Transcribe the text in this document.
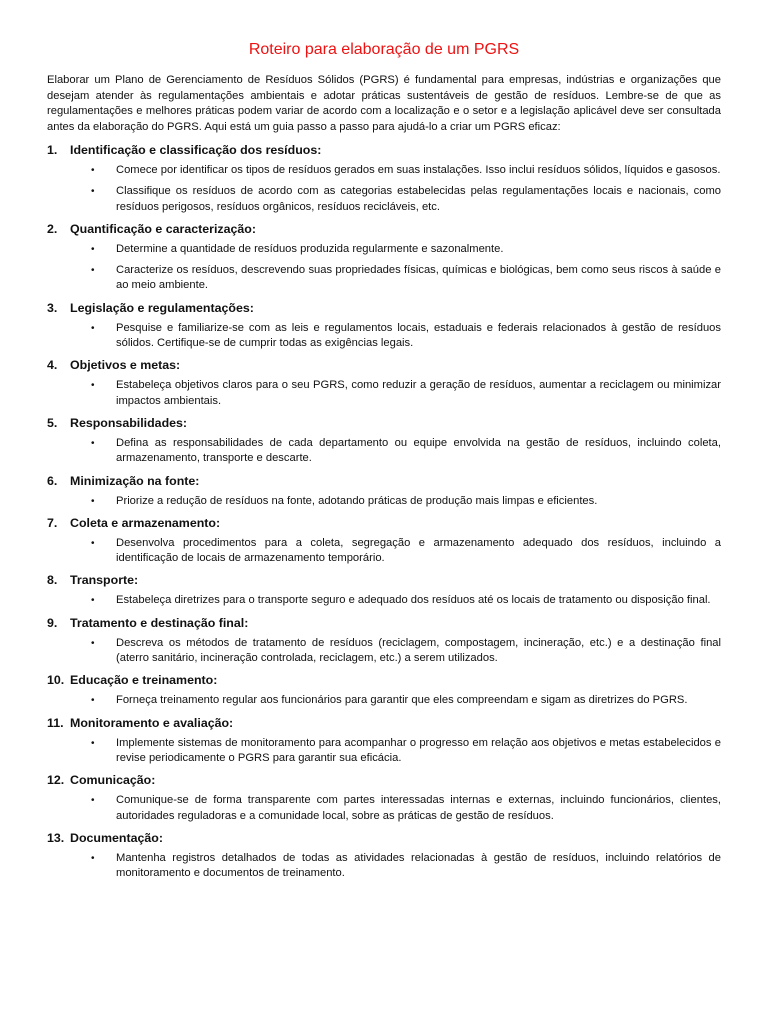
Roteiro para elaboração de um PGRS

Elaborar um Plano de Gerenciamento de Resíduos Sólidos (PGRS) é fundamental para empresas, indústrias e organizações que desejam atender às regulamentações ambientais e adotar práticas sustentáveis de gestão de resíduos. Lembre-se de que as regulamentações e melhores práticas podem variar de acordo com a localização e o setor e a legislação aplicável deve ser consultada antes da elaboração do PGRS. Aqui está um guia passo a passo para ajudá-lo a criar um PGRS eficaz:

1.	Identificação e classificação dos resíduos:
•	Comece por identificar os tipos de resíduos gerados em suas instalações. Isso inclui resíduos sólidos, líquidos e gasosos.
•	Classifique os resíduos de acordo com as categorias estabelecidas pelas regulamentações locais e nacionais, como resíduos perigosos, resíduos orgânicos, resíduos recicláveis, etc.
2.	Quantificação e caracterização:
•	Determine a quantidade de resíduos produzida regularmente e sazonalmente.
•	Caracterize os resíduos, descrevendo suas propriedades físicas, químicas e biológicas, bem como seus riscos à saúde e ao meio ambiente.
3.	Legislação e regulamentações:
•	Pesquise e familiarize-se com as leis e regulamentos locais, estaduais e federais relacionados à gestão de resíduos sólidos. Certifique-se de cumprir todas as exigências legais.
4.	Objetivos e metas:
•	Estabeleça objetivos claros para o seu PGRS, como reduzir a geração de resíduos, aumentar a reciclagem ou minimizar impactos ambientais.
5.	Responsabilidades:
•	Defina as responsabilidades de cada departamento ou equipe envolvida na gestão de resíduos, incluindo coleta, armazenamento, transporte e descarte.
6.	Minimização na fonte:
•	Priorize a redução de resíduos na fonte, adotando práticas de produção mais limpas e eficientes.
7.	Coleta e armazenamento:
•	Desenvolva procedimentos para a coleta, segregação e armazenamento adequado dos resíduos, incluindo a identificação de locais de armazenamento temporário.
8.	Transporte:
•	Estabeleça diretrizes para o transporte seguro e adequado dos resíduos até os locais de tratamento ou disposição final.
9.	Tratamento e destinação final:
•	Descreva os métodos de tratamento de resíduos (reciclagem, compostagem, incineração, etc.) e a destinação final (aterro sanitário, incineração controlada, reciclagem, etc.) a serem utilizados.
10. Educação e treinamento:
•	Forneça treinamento regular aos funcionários para garantir que eles compreendam e sigam as diretrizes do PGRS.
11. Monitoramento e avaliação:
•	Implemente sistemas de monitoramento para acompanhar o progresso em relação aos objetivos e metas estabelecidos e revise periodicamente o PGRS para garantir sua eficácia.
12. Comunicação:
•	Comunique-se de forma transparente com partes interessadas internas e externas, incluindo funcionários, clientes, autoridades reguladoras e a comunidade local, sobre as práticas de gestão de resíduos.
13. Documentação:
•	Mantenha registros detalhados de todas as atividades relacionadas à gestão de resíduos, incluindo relatórios de monitoramento e documentos de treinamento.
